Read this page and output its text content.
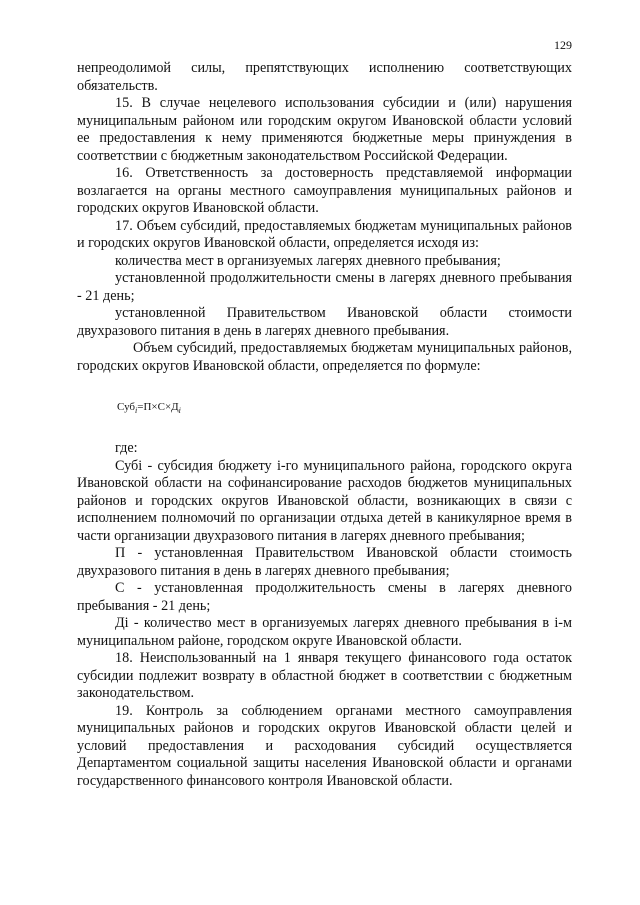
129

непреодолимой силы, препятствующих исполнению соответствующих обязательств.

15. В случае нецелевого использования субсидии и (или) нарушения муниципальным районом или городским округом Ивановской области условий ее предоставления к нему применяются бюджетные меры принуждения в соответствии с бюджетным законодательством Российской Федерации.

16. Ответственность за достоверность представляемой информации возлагается на органы местного самоуправления муниципальных районов и городских округов Ивановской области.

17. Объем субсидий, предоставляемых бюджетам муниципальных районов и городских округов Ивановской области, определяется исходя из:

количества мест в организуемых лагерях дневного пребывания;

установленной продолжительности смены в лагерях дневного пребывания - 21 день;

установленной Правительством Ивановской области стоимости двухразового питания в день в лагерях дневного пребывания.

Объем субсидий, предоставляемых бюджетам муниципальных районов, городских округов Ивановской области, определяется по формуле:

$Суб_i=П\times С\times Д_i$

где:

Субі - субсидия бюджету і-го муниципального района, городского округа Ивановской области на софинансирование расходов бюджетов муниципальных районов и городских округов Ивановской области, возникающих в связи с исполнением полномочий по организации отдыха детей в каникулярное время в части организации двухразового питания в лагерях дневного пребывания;

П - установленная Правительством Ивановской области стоимость двухразового питания в день в лагерях дневного пребывания;

С - установленная продолжительность смены в лагерях дневного пребывания - 21 день;

Ді - количество мест в организуемых лагерях дневного пребывания в і-м муниципальном районе, городском округе Ивановской области.

18. Неиспользованный на 1 января текущего финансового года остаток субсидии подлежит возврату в областной бюджет в соответствии с бюджетным законодательством.

19. Контроль за соблюдением органами местного самоуправления муниципальных районов и городских округов Ивановской области целей и условий предоставления и расходования субсидий осуществляется Департаментом социальной защиты населения Ивановской области и органами государственного финансового контроля Ивановской области.
